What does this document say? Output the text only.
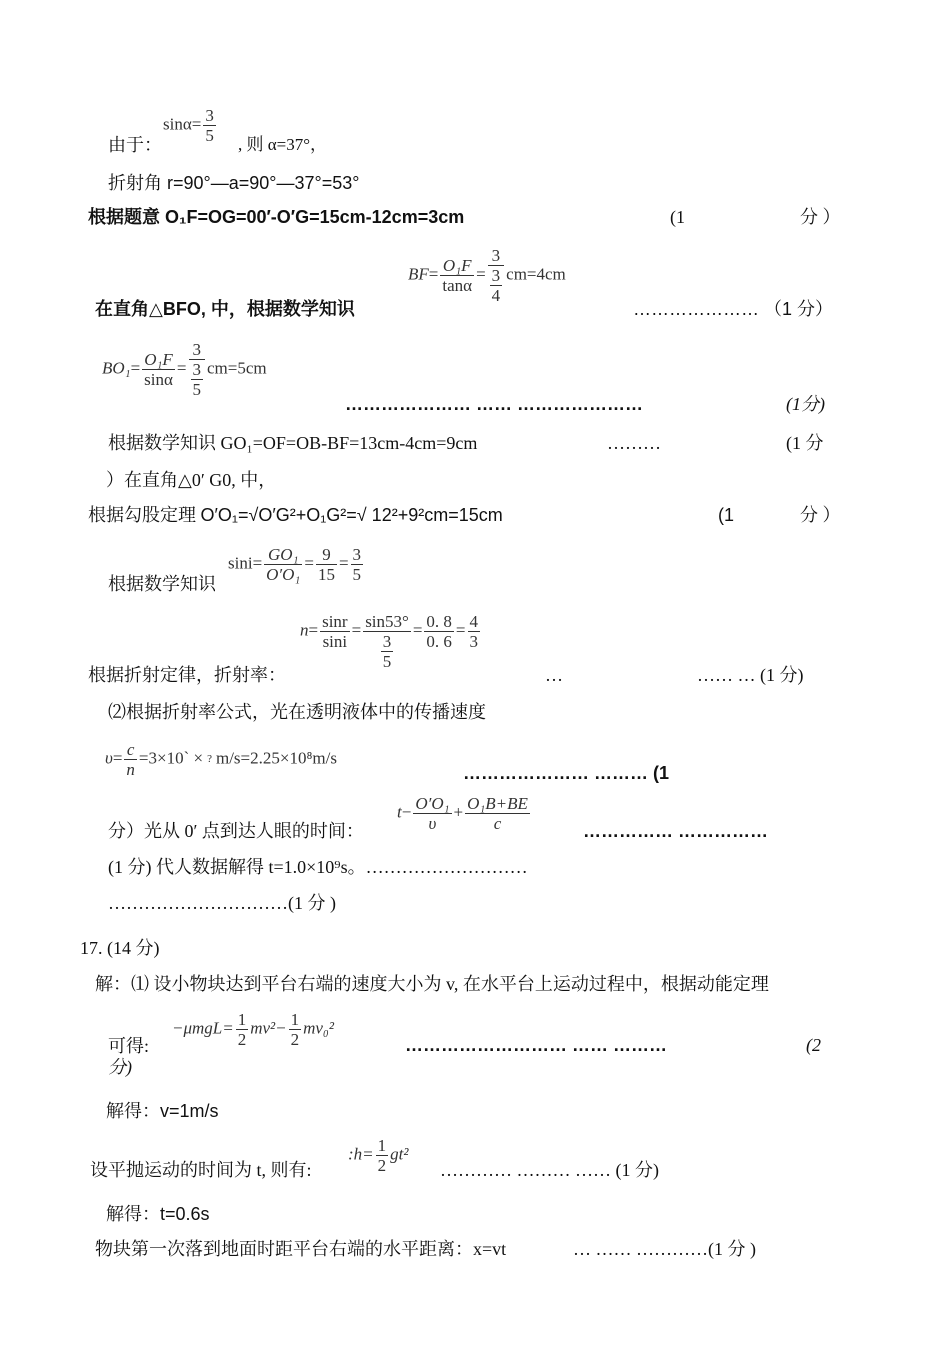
由于：
$\sin\alpha= \frac{3}{5}$ , 则 α=37°，
折射角 r=90°—a=90°—37°=53°
根据题意 O₁F=OG=00′-O′G=15cm-12cm=3cm	(1	分 ）
$BF= \frac{\text{O₁F}}{\tan\alpha} = \frac{3}{\frac{3}{4}} cm=4cm$
在直角△BFO, 中，根据数学知识	………………… （1 分）
$BO_1= \frac{\text{O₁F}}{\sin\alpha} = \frac{3}{\frac{3}{5}} cm=5cm$
………………… …… …………………	(1分)
根据数学知识 GO₁=OF=OB-BF=13cm-4cm=9cm	………	(1 分
）在直角△0′ G0, 中，
根据勾股定理 O′O₁=√O′G²+O₁G²=√ 12²+9²cm=15cm	(1	分 ）
根据数学知识
$\sin i= \frac{\text{GO₁}}{\text{O′O₁}} = \frac{9}{15} = \frac{3}{5}$
$n= \frac{\sin r}{\sin i} = \frac{\sin 53^\circ}{\frac{3}{5}} = \frac{0. 8}{0. 6} = \frac{4}{3}$
根据折射定律，折射率：	…	…… … (1 分)
⑵根据折射率公式，光在透明液体中的传播速度
$\upsilon= \frac{c}{n}$ =3×10` × ? m/s=2.25×10⁸m/s
………………… ……… (1
分）光从 0′ 点到达人眼的时间：
$t- \frac{\text{O′O₁}}{\upsilon} + \frac{\text{O₁B+BE}}{c}$	…………… ……………
(1 分) 代人数据解得 t=1.0×10⁹s。………………………
…………………………(1 分 )
17. (14 分)
解：⑴ 设小物块达到平台右端的速度大小为 v, 在水平台上运动过程中，根据动能定理
可得:
$-\mu mgL= \frac{1}{2} mv^2- \frac{1}{2} mv_0^2$
……………………… …… ………	(2
分)
解得：v=1m/s
设平抛运动的时间为 t, 则有:
:h= $\frac{1}{2} gt^2$
………… ……… …… (1 分)
解得：t=0.6s
物块第一次落到地面时距平台右端的水平距离：x=vt	… …… …………(1 分 )
